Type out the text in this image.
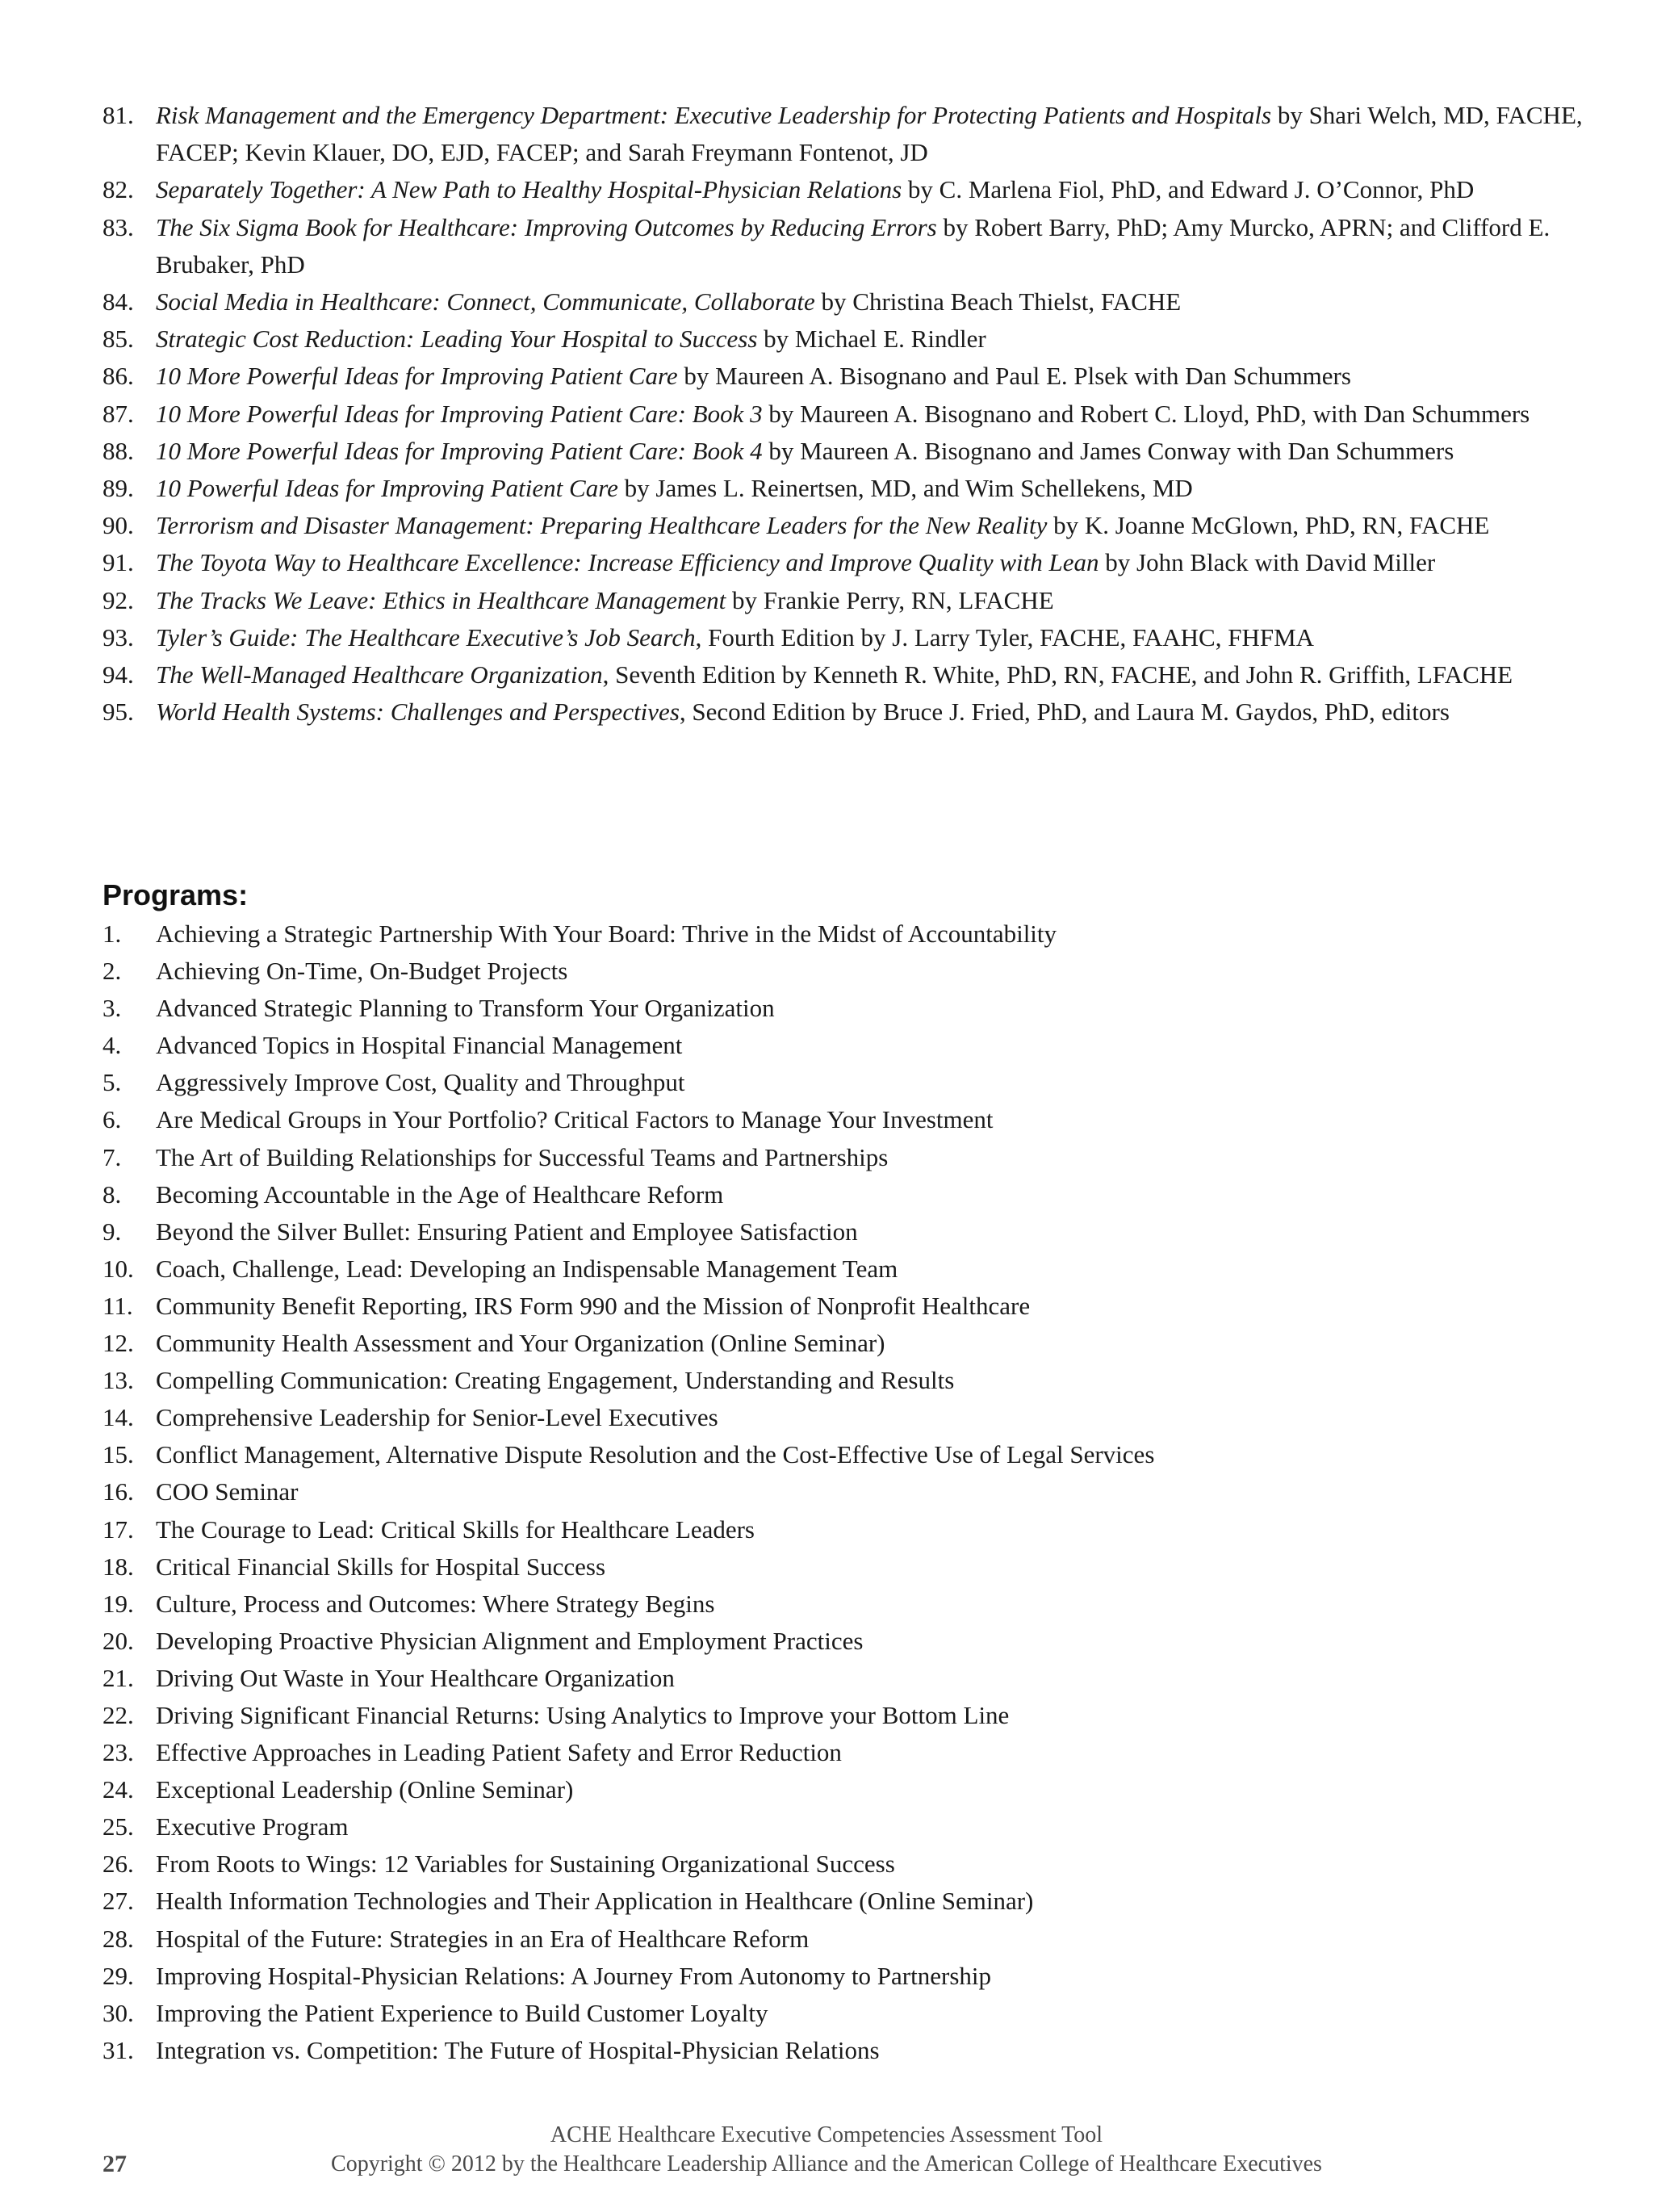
81. Risk Management and the Emergency Department: Executive Leadership for Protecting Patients and Hospitals by Shari Welch, MD, FACHE, FACEP; Kevin Klauer, DO, EJD, FACEP; and Sarah Freymann Fontenot, JD
82. Separately Together: A New Path to Healthy Hospital-Physician Relations by C. Marlena Fiol, PhD, and Edward J. O’Connor, PhD
83. The Six Sigma Book for Healthcare: Improving Outcomes by Reducing Errors by Robert Barry, PhD; Amy Murcko, APRN; and Clifford E. Brubaker, PhD
84. Social Media in Healthcare: Connect, Communicate, Collaborate by Christina Beach Thielst, FACHE
85. Strategic Cost Reduction: Leading Your Hospital to Success by Michael E. Rindler
86. 10 More Powerful Ideas for Improving Patient Care by Maureen A. Bisognano and Paul E. Plsek with Dan Schummers
87. 10 More Powerful Ideas for Improving Patient Care: Book 3 by Maureen A. Bisognano and Robert C. Lloyd, PhD, with Dan Schummers
88. 10 More Powerful Ideas for Improving Patient Care: Book 4 by Maureen A. Bisognano and James Conway with Dan Schummers
89. 10 Powerful Ideas for Improving Patient Care by James L. Reinertsen, MD, and Wim Schellekens, MD
90. Terrorism and Disaster Management: Preparing Healthcare Leaders for the New Reality by K. Joanne McGlown, PhD, RN, FACHE
91. The Toyota Way to Healthcare Excellence: Increase Efficiency and Improve Quality with Lean by John Black with David Miller
92. The Tracks We Leave: Ethics in Healthcare Management by Frankie Perry, RN, LFACHE
93. Tyler’s Guide: The Healthcare Executive’s Job Search, Fourth Edition by J. Larry Tyler, FACHE, FAAHC, FHFMA
94. The Well-Managed Healthcare Organization, Seventh Edition by Kenneth R. White, PhD, RN, FACHE, and John R. Griffith, LFACHE
95. World Health Systems: Challenges and Perspectives, Second Edition by Bruce J. Fried, PhD, and Laura M. Gaydos, PhD, editors
Programs:
1. Achieving a Strategic Partnership With Your Board: Thrive in the Midst of Accountability
2. Achieving On-Time, On-Budget Projects
3. Advanced Strategic Planning to Transform Your Organization
4. Advanced Topics in Hospital Financial Management
5. Aggressively Improve Cost, Quality and Throughput
6. Are Medical Groups in Your Portfolio? Critical Factors to Manage Your Investment
7. The Art of Building Relationships for Successful Teams and Partnerships
8. Becoming Accountable in the Age of Healthcare Reform
9. Beyond the Silver Bullet: Ensuring Patient and Employee Satisfaction
10. Coach, Challenge, Lead: Developing an Indispensable Management Team
11. Community Benefit Reporting, IRS Form 990 and the Mission of Nonprofit Healthcare
12. Community Health Assessment and Your Organization (Online Seminar)
13. Compelling Communication: Creating Engagement, Understanding and Results
14. Comprehensive Leadership for Senior-Level Executives
15. Conflict Management, Alternative Dispute Resolution and the Cost-Effective Use of Legal Services
16. COO Seminar
17. The Courage to Lead: Critical Skills for Healthcare Leaders
18. Critical Financial Skills for Hospital Success
19. Culture, Process and Outcomes: Where Strategy Begins
20. Developing Proactive Physician Alignment and Employment Practices
21. Driving Out Waste in Your Healthcare Organization
22. Driving Significant Financial Returns: Using Analytics to Improve your Bottom Line
23. Effective Approaches in Leading Patient Safety and Error Reduction
24. Exceptional Leadership (Online Seminar)
25. Executive Program
26. From Roots to Wings: 12 Variables for Sustaining Organizational Success
27. Health Information Technologies and Their Application in Healthcare (Online Seminar)
28. Hospital of the Future: Strategies in an Era of Healthcare Reform
29. Improving Hospital-Physician Relations: A Journey From Autonomy to Partnership
30. Improving the Patient Experience to Build Customer Loyalty
31. Integration vs. Competition: The Future of Hospital-Physician Relations
ACHE Healthcare Executive Competencies Assessment Tool
27	Copyright © 2012 by the Healthcare Leadership Alliance and the American College of Healthcare Executives
